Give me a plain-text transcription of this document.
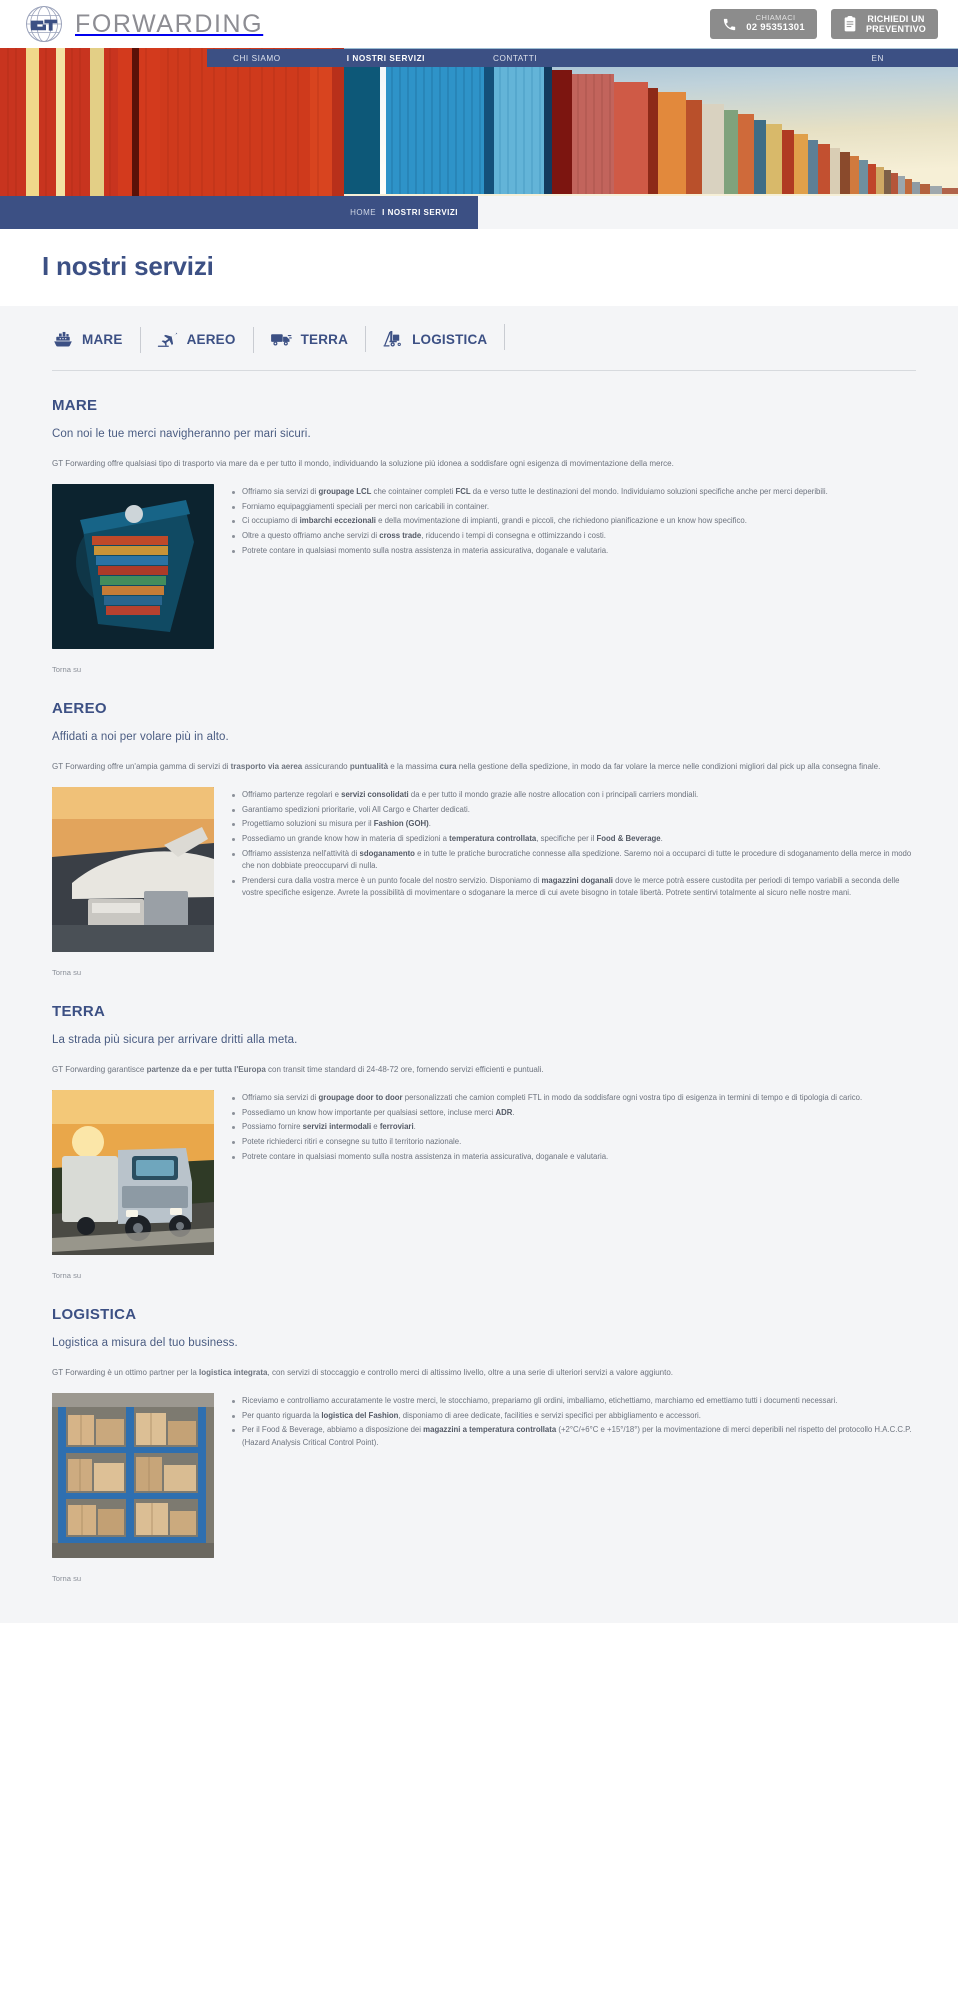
FORWARDING	CHIAMACI
02 95351301
RICHIEDI UN
PREVENTIVO
CHI SIAMO	I NOSTRI SERVIZI	CONTATTI	EN
HOME I NOSTRI SERVIZI
I nostri servizi
MARE	AEREO	TERRA	LOGISTICA
MARE

Con noi le tue merci navigheranno per mari sicuri.

GT Forwarding offre qualsiasi tipo di trasporto via mare da e per tutto il mondo, individuando la soluzione più idonea a soddisfare ogni esigenza di movimentazione della merce.

Offriamo sia servizi di groupage LCL che cointainer completi FCL da e verso tutte le destinazioni del mondo. Individuiamo soluzioni specifiche anche per merci deperibili.
Forniamo equipaggiamenti speciali per merci non caricabili in container.
Ci occupiamo di imbarchi eccezionali e della movimentazione di impianti, grandi e piccoli, che richiedono pianificazione e un know how specifico.
Oltre a questo offriamo anche servizi di cross trade, riducendo i tempi di consegna e ottimizzando i costi.
Potrete contare in qualsiasi momento sulla nostra assistenza in materia assicurativa, doganale e valutaria.
Torna su
AEREO

Affidati a noi per volare più in alto.

GT Forwarding offre un'ampia gamma di servizi di trasporto via aerea assicurando puntualità e la massima cura nella gestione della spedizione, in modo da far volare la merce nelle condizioni migliori dal pick up alla consegna finale.

Offriamo partenze regolari e servizi consolidati da e per tutto il mondo grazie alle nostre allocation con i principali carriers mondiali.
Garantiamo spedizioni prioritarie, voli All Cargo e Charter dedicati.
Progettiamo soluzioni su misura per il Fashion (GOH).
Possediamo un grande know how in materia di spedizioni a temperatura controllata, specifiche per il Food & Beverage.
Offriamo assistenza nell'attività di sdoganamento e in tutte le pratiche burocratiche connesse alla spedizione. Saremo noi a occuparci di tutte le procedure di sdoganamento della merce in modo che non dobbiate preoccuparvi di nulla.
Prendersi cura dalla vostra merce è un punto focale del nostro servizio. Disponiamo di magazzini doganali dove le merce potrà essere custodita per periodi di tempo variabili a seconda delle vostre specifiche esigenze. Avrete la possibilità di movimentare o sdoganare la merce di cui avete bisogno in totale libertà. Potrete sentirvi totalmente al sicuro nelle nostre mani.
Torna su
TERRA

La strada più sicura per arrivare dritti alla meta.

GT Forwarding garantisce partenze da e per tutta l'Europa con transit time standard di 24-48-72 ore, fornendo servizi efficienti e puntuali.

Offriamo sia servizi di groupage door to door personalizzati che camion completi FTL in modo da soddisfare ogni vostra tipo di esigenza in termini di tempo e di tipologia di carico.
Possediamo un know how importante per qualsiasi settore, incluse merci ADR.
Possiamo fornire servizi intermodali e ferroviari.
Potete richiederci ritiri e consegne su tutto il territorio nazionale.
Potrete contare in qualsiasi momento sulla nostra assistenza in materia assicurativa, doganale e valutaria.
Torna su
LOGISTICA

Logistica a misura del tuo business.

GT Forwarding è un ottimo partner per la logistica integrata, con servizi di stoccaggio e controllo merci di altissimo livello, oltre a una serie di ulteriori servizi a valore aggiunto.

Riceviamo e controlliamo accuratamente le vostre merci, le stocchiamo, prepariamo gli ordini, imballiamo, etichettiamo, marchiamo ed emettiamo tutti i documenti necessari.
Per quanto riguarda la logistica del Fashion, disponiamo di aree dedicate, facilities e servizi specifici per abbigliamento e accessori.
Per il Food & Beverage, abbiamo a disposizione dei magazzini a temperatura controllata (+2°C/+6°C e +15°/18°) per la movimentazione di merci deperibili nel rispetto del protocollo H.A.C.C.P. (Hazard Analysis Critical Control Point).
Torna su
